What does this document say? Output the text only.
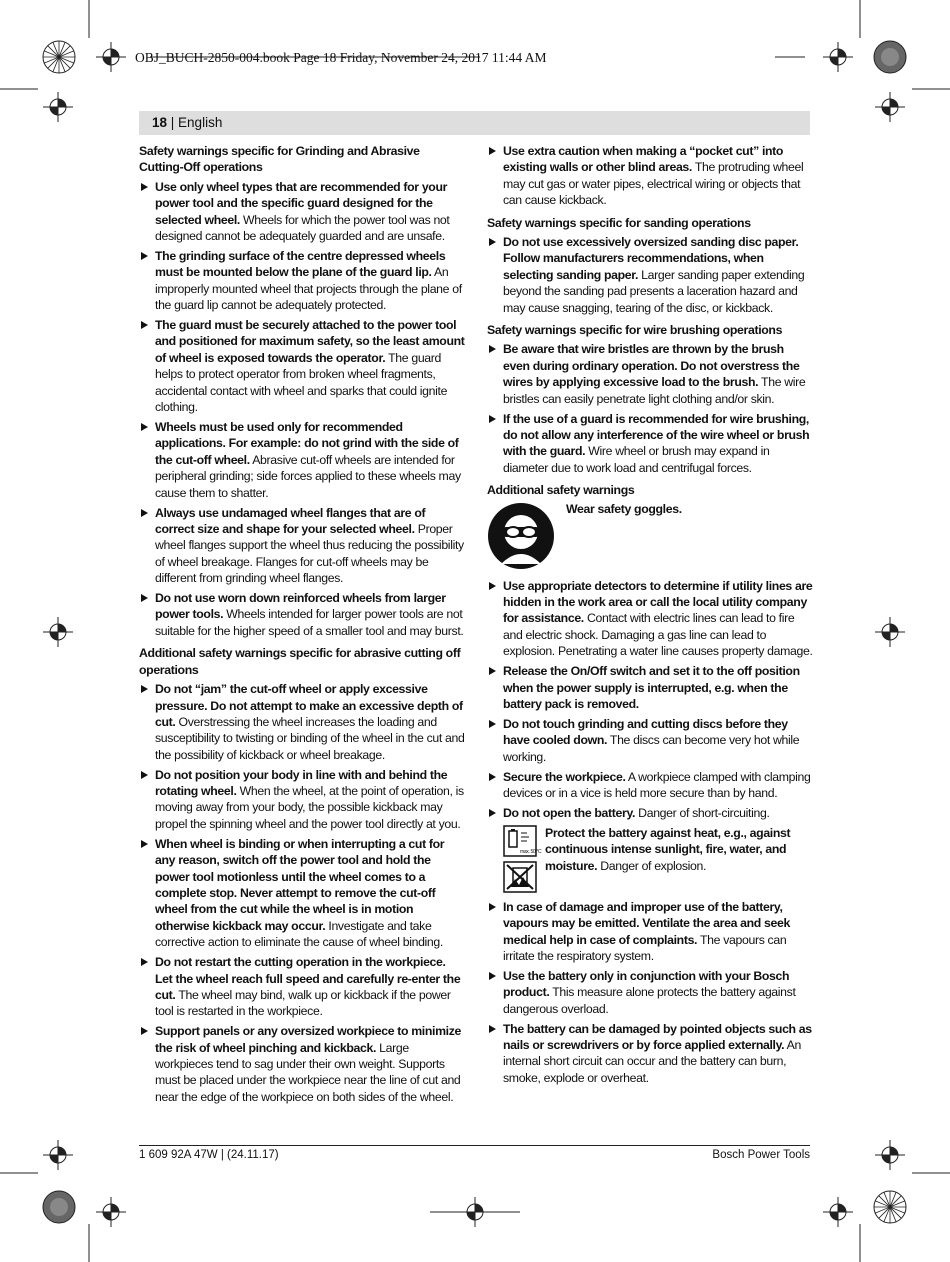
OBJ_BUCH-2850-004.book Page 18 Friday, November 24, 2017 11:44 AM
18 | English
Safety warnings specific for Grinding and Abrasive Cutting-Off operations
Use only wheel types that are recommended for your power tool and the specific guard designed for the selected wheel. Wheels for which the power tool was not designed cannot be adequately guarded and are unsafe.
The grinding surface of the centre depressed wheels must be mounted below the plane of the guard lip. An improperly mounted wheel that projects through the plane of the guard lip cannot be adequately protected.
The guard must be securely attached to the power tool and positioned for maximum safety, so the least amount of wheel is exposed towards the operator. The guard helps to protect operator from broken wheel fragments, accidental contact with wheel and sparks that could ignite clothing.
Wheels must be used only for recommended applications. For example: do not grind with the side of the cut-off wheel. Abrasive cut-off wheels are intended for peripheral grinding; side forces applied to these wheels may cause them to shatter.
Always use undamaged wheel flanges that are of correct size and shape for your selected wheel. Proper wheel flanges support the wheel thus reducing the possibility of wheel breakage. Flanges for cut-off wheels may be different from grinding wheel flanges.
Do not use worn down reinforced wheels from larger power tools. Wheels intended for larger power tools are not suitable for the higher speed of a smaller tool and may burst.
Additional safety warnings specific for abrasive cutting off operations
Do not “jam” the cut-off wheel or apply excessive pressure. Do not attempt to make an excessive depth of cut. Overstressing the wheel increases the loading and susceptibility to twisting or binding of the wheel in the cut and the possibility of kickback or wheel breakage.
Do not position your body in line with and behind the rotating wheel. When the wheel, at the point of operation, is moving away from your body, the possible kickback may propel the spinning wheel and the power tool directly at you.
When wheel is binding or when interrupting a cut for any reason, switch off the power tool and hold the power tool motionless until the wheel comes to a complete stop. Never attempt to remove the cut-off wheel from the cut while the wheel is in motion otherwise kickback may occur. Investigate and take corrective action to eliminate the cause of wheel binding.
Do not restart the cutting operation in the workpiece. Let the wheel reach full speed and carefully re-enter the cut. The wheel may bind, walk up or kickback if the power tool is restarted in the workpiece.
Support panels or any oversized workpiece to minimize the risk of wheel pinching and kickback. Large workpieces tend to sag under their own weight. Supports must be placed under the workpiece near the line of cut and near the edge of the workpiece on both sides of the wheel.
Use extra caution when making a “pocket cut” into existing walls or other blind areas. The protruding wheel may cut gas or water pipes, electrical wiring or objects that can cause kickback.
Safety warnings specific for sanding operations
Do not use excessively oversized sanding disc paper. Follow manufacturers recommendations, when selecting sanding paper. Larger sanding paper extending beyond the sanding pad presents a laceration hazard and may cause snagging, tearing of the disc, or kickback.
Safety warnings specific for wire brushing operations
Be aware that wire bristles are thrown by the brush even during ordinary operation. Do not overstress the wires by applying excessive load to the brush. The wire bristles can easily penetrate light clothing and/or skin.
If the use of a guard is recommended for wire brushing, do not allow any interference of the wire wheel or brush with the guard. Wire wheel or brush may expand in diameter due to work load and centrifugal forces.
Additional safety warnings
Wear safety goggles.
Use appropriate detectors to determine if utility lines are hidden in the work area or call the local utility company for assistance. Contact with electric lines can lead to fire and electric shock. Damaging a gas line can lead to explosion. Penetrating a water line causes property damage.
Release the On/Off switch and set it to the off position when the power supply is interrupted, e.g. when the battery pack is removed.
Do not touch grinding and cutting discs before they have cooled down. The discs can become very hot while working.
Secure the workpiece. A workpiece clamped with clamping devices or in a vice is held more secure than by hand.
Do not open the battery. Danger of short-circuiting.
max. 50 °C
Protect the battery against heat, e.g., against continuous intense sunlight, fire, water, and moisture. Danger of explosion.
In case of damage and improper use of the battery, vapours may be emitted. Ventilate the area and seek medical help in case of complaints. The vapours can irritate the respiratory system.
Use the battery only in conjunction with your Bosch product. This measure alone protects the battery against dangerous overload.
The battery can be damaged by pointed objects such as nails or screwdrivers or by force applied externally. An internal short circuit can occur and the battery can burn, smoke, explode or overheat.
1 609 92A 47W | (24.11.17)	Bosch Power Tools
